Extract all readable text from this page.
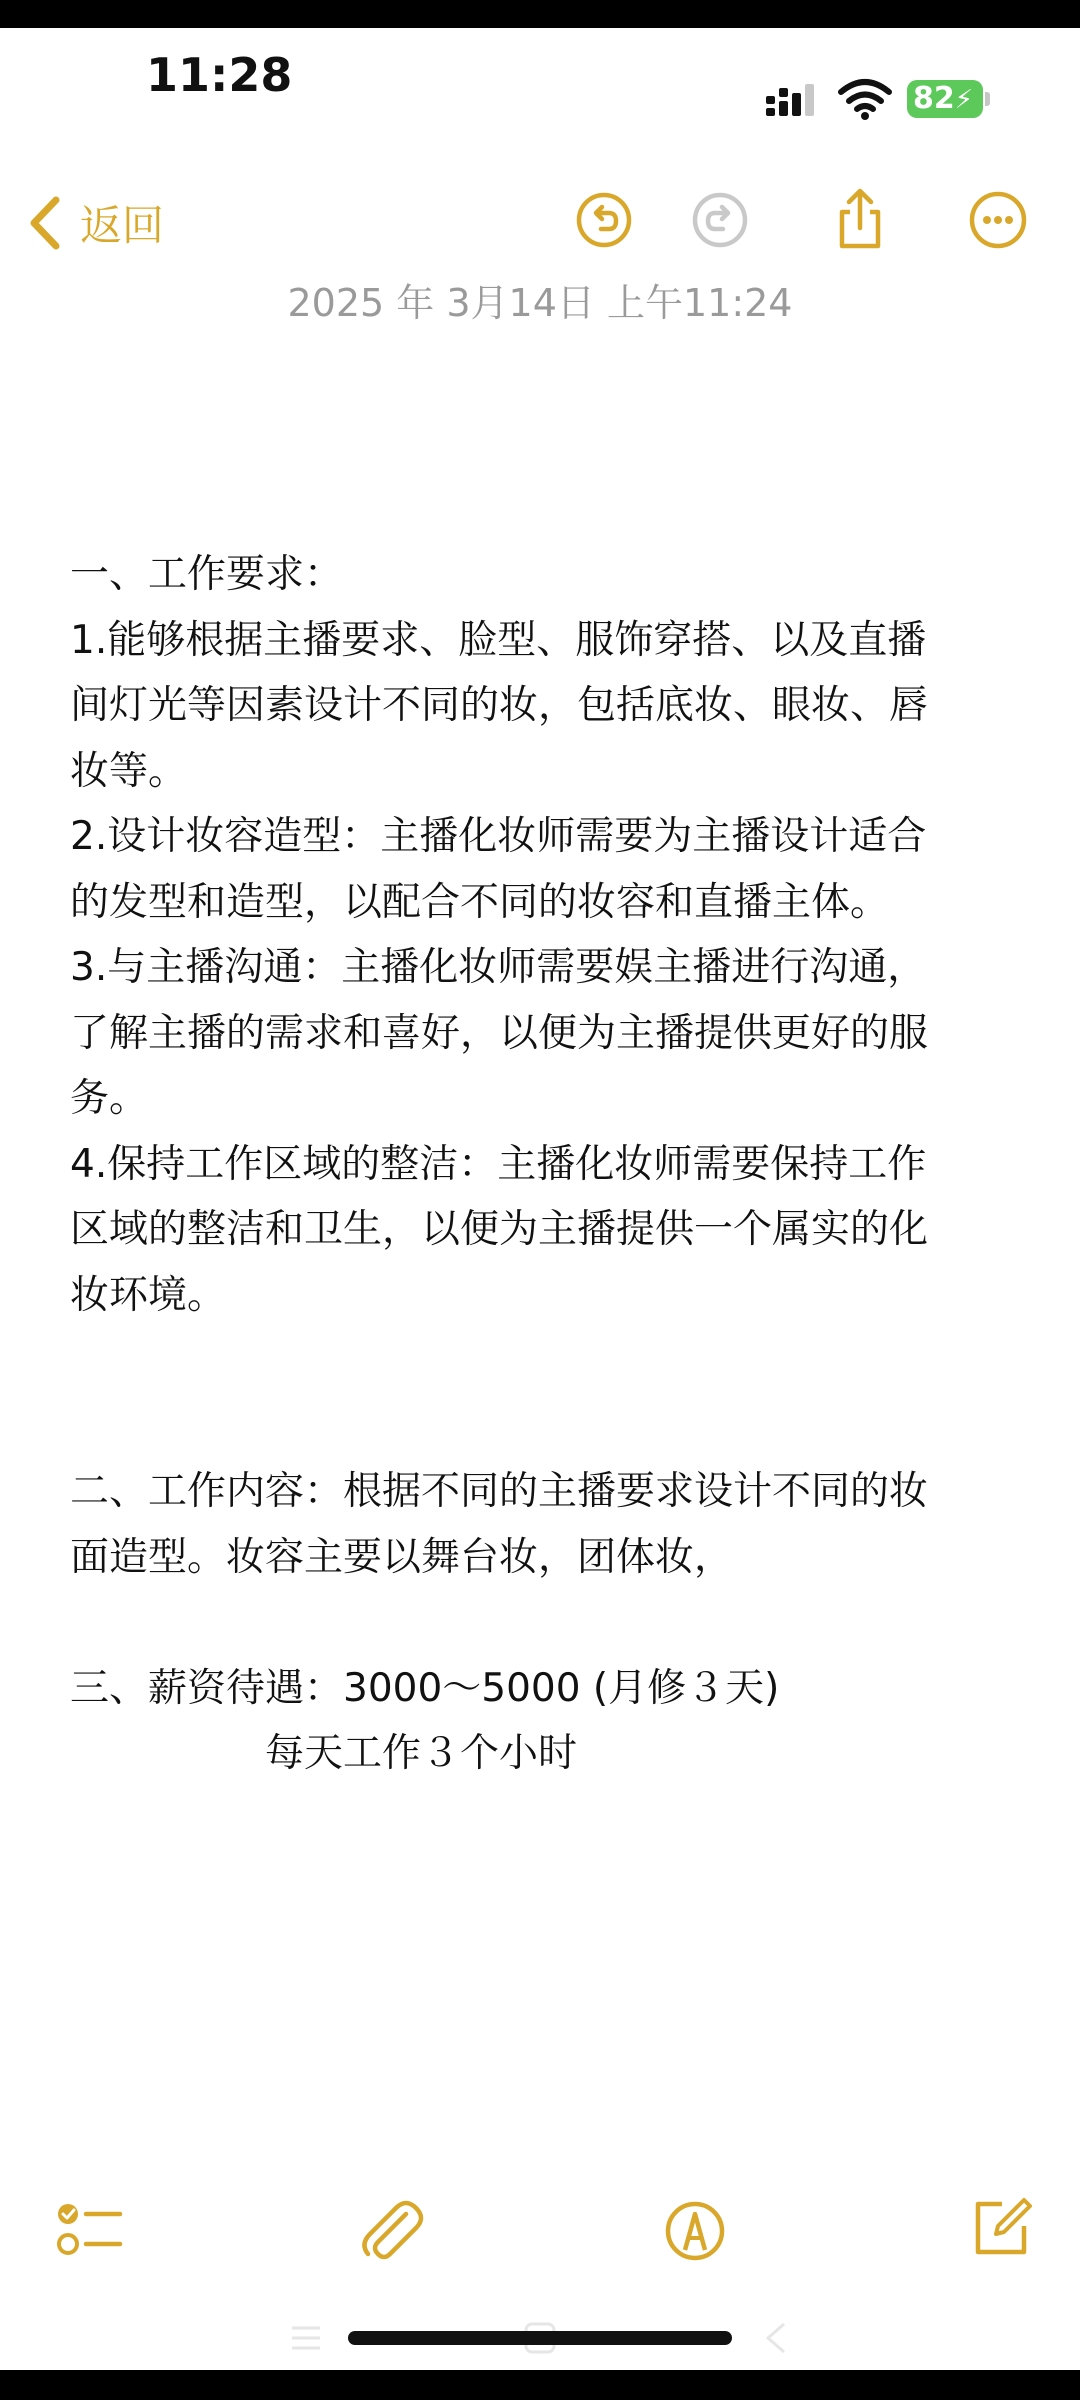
11:28	82⚡
返回
2025 年 3月14日 上午11:24
一、工作要求：
1.能够根据主播要求、脸型、服饰穿搭、以及直播
间灯光等因素设计不同的妆，包括底妆、眼妆、唇
妆等。
2.设计妆容造型：主播化妆师需要为主播设计适合
的发型和造型，以配合不同的妆容和直播主体。
3.与主播沟通：主播化妆师需要娱主播进行沟通，
了解主播的需求和喜好，以便为主播提供更好的服
务。
4.保持工作区域的整洁：主播化妆师需要保持工作
区域的整洁和卫生，以便为主播提供一个属实的化
妆环境。
二、工作内容：根据不同的主播要求设计不同的妆
面造型。妆容主要以舞台妆，团体妆，
三、薪资待遇：3000～5000 (月修３天)
　　　　　每天工作３个小时
